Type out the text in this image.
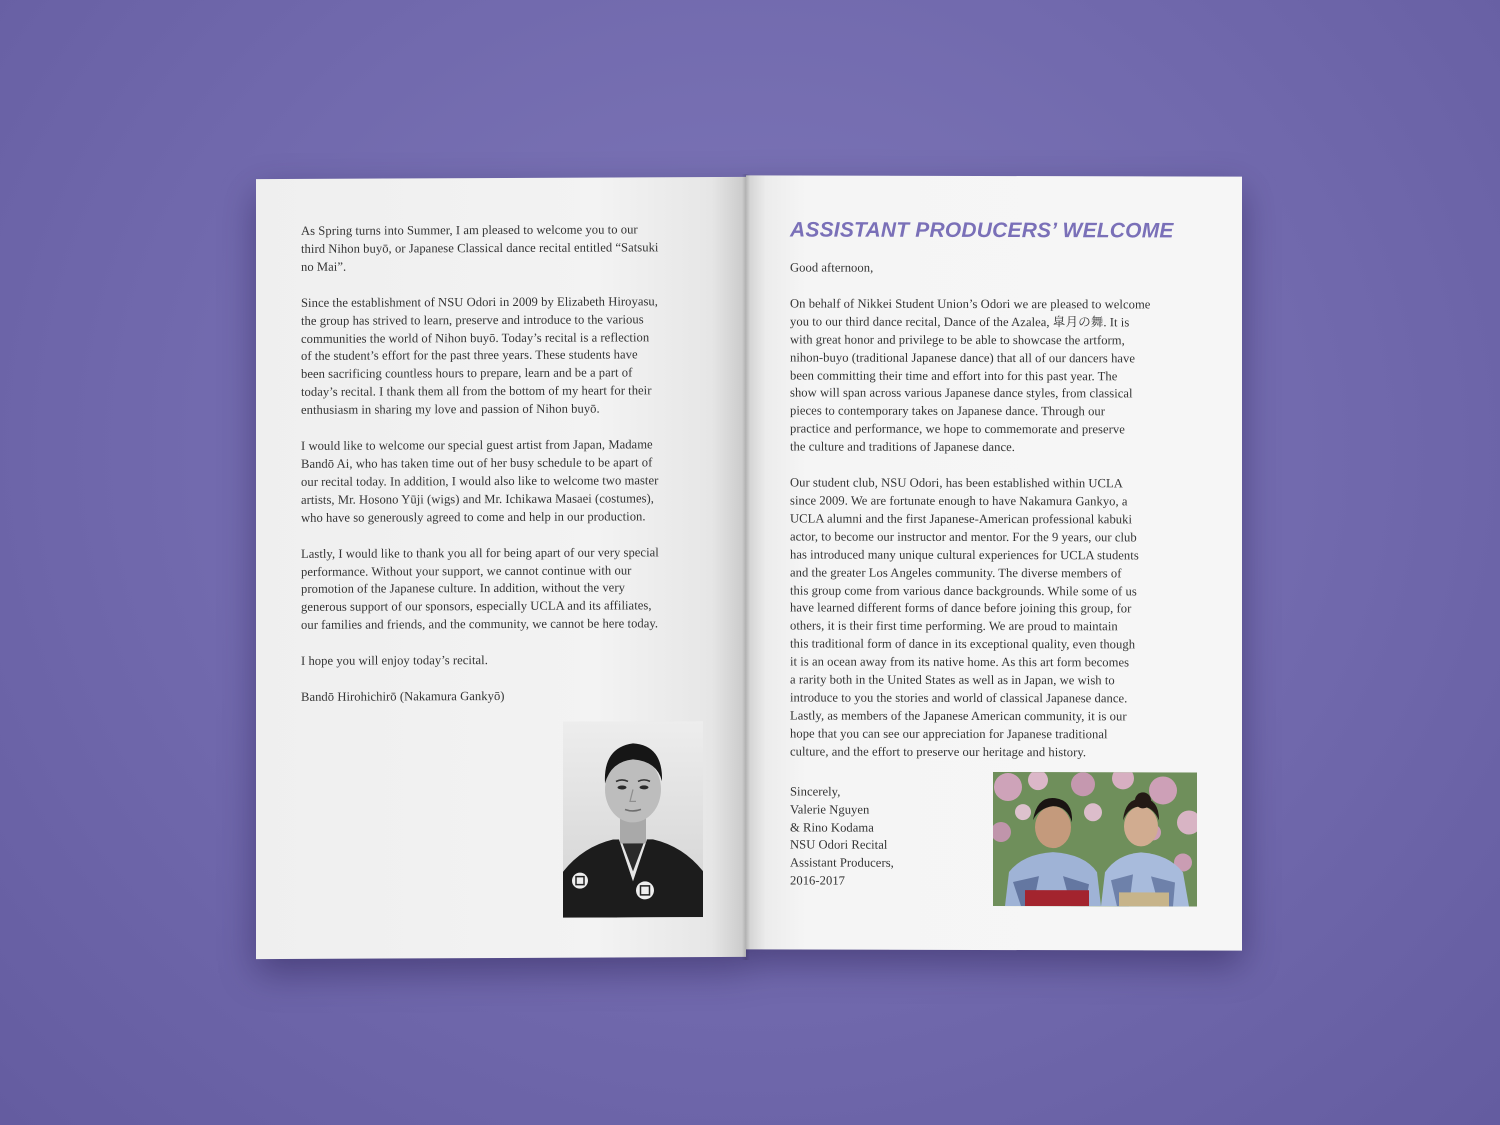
As Spring turns into Summer, I am pleased to welcome you to our
third Nihon buyō, or Japanese Classical dance recital entitled “Satsuki
no Mai”.

Since the establishment of NSU Odori in 2009 by Elizabeth Hiroyasu,
the group has strived to learn, preserve and introduce to the various
communities the world of Nihon buyō. Today’s recital is a reflection
of the student’s effort for the past three years. These students have
been sacrificing countless hours to prepare, learn and be a part of
today’s recital. I thank them all from the bottom of my heart for their
enthusiasm in sharing my love and passion of Nihon buyō.

I would like to welcome our special guest artist from Japan, Madame
Bandō Ai, who has taken time out of her busy schedule to be apart of
our recital today. In addition, I would also like to welcome two master
artists, Mr. Hosono Yūji (wigs) and Mr. Ichikawa Masaei (costumes),
who have so generously agreed to come and help in our production.

Lastly, I would like to thank you all for being apart of our very special
performance. Without your support, we cannot continue with our
promotion of the Japanese culture. In addition, without the very
generous support of our sponsors, especially UCLA and its affiliates,
our families and friends, and the community, we cannot be here today.

I hope you will enjoy today’s recital.

Bandō Hirohichirō (Nakamura Gankyō)

ASSISTANT PRODUCERS’ WELCOME

Good afternoon,

On behalf of Nikkei Student Union’s Odori we are pleased to welcome
you to our third dance recital, Dance of the Azalea, 皐月の舞. It is
with great honor and privilege to be able to showcase the artform,
nihon-buyo (traditional Japanese dance) that all of our dancers have
been committing their time and effort into for this past year. The
show will span across various Japanese dance styles, from classical
pieces to contemporary takes on Japanese dance. Through our
practice and performance, we hope to commemorate and preserve
the culture and traditions of Japanese dance.

Our student club, NSU Odori, has been established within UCLA
since 2009. We are fortunate enough to have Nakamura Gankyo, a
UCLA alumni and the first Japanese-American professional kabuki
actor, to become our instructor and mentor. For the 9 years, our club
has introduced many unique cultural experiences for UCLA students
and the greater Los Angeles community. The diverse members of
this group come from various dance backgrounds. While some of us
have learned different forms of dance before joining this group, for
others, it is their first time performing. We are proud to maintain
this traditional form of dance in its exceptional quality, even though
it is an ocean away from its native home. As this art form becomes
a rarity both in the United States as well as in Japan, we wish to
introduce to you the stories and world of classical Japanese dance.
Lastly, as members of the Japanese American community, it is our
hope that you can see our appreciation for Japanese traditional
culture, and the effort to preserve our heritage and history.

Sincerely,
Valerie Nguyen
& Rino Kodama
NSU Odori Recital
Assistant Producers,
2016-2017
